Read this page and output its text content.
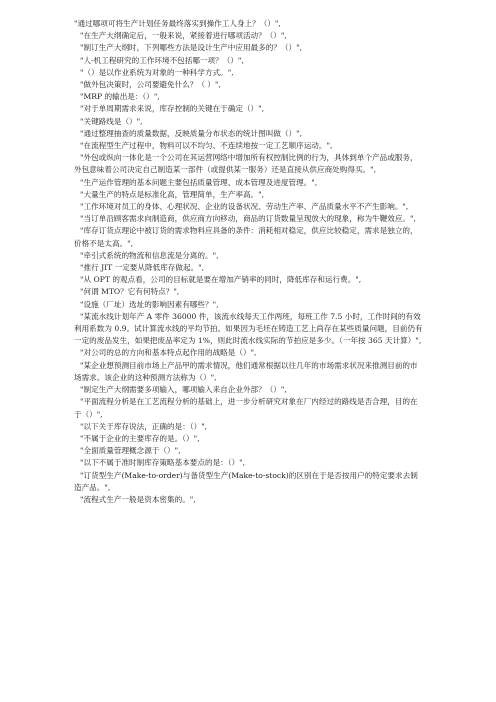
"通过哪项可将生产计划任务最终落实到操作工人身上？（）",

"在生产大纲确定后，一般来说，紧接着进行哪项活动？（）",

"制订生产大纲时，下列哪些方法是设计生产中应用最多的？（）",

"人-机工程研究的工作环境不包括哪一项？（）",

"（）是以作业系统为对象的一种科学方式。",

"做外包决策时，公司要避免什么？（ ）",

"MRP 的输出是：（）",

"对于单周期需求来说，库存控制的关键在于确定（）",

"关键路线是（）",

"通过整理抽查的质量数据，反映质量分布状态的统计图叫做（）",

"在流程型生产过程中，物料可以不均匀、不连续地按一定工艺顺序运动。",

"外包或纵向一体化是一个公司在其运营网络中增加所有权控制比例的行为，具体到单个产品或服务，外包意味着公司决定自己制造某一部件（或提供某一服务）还是直接从供应商处购得买。",

"生产运作管理的基本问题主要包括质量管理、成本管理及进度管理。",

"大量生产的特点是标准化高，管理简单，生产率高。",

"工作环境对员工的身体、心理状况、企业的设备状况、劳动生产率、产品质量水平不产生影响。",

"当订单沿顾客需求向制造商，供应商方向移动，商品的订货数量呈现放大的现象，称为牛鞭效应。",

"库存订货点理论中被订货的需求物料应具备的条件：消耗相对稳定，供应比较稳定，需求是独立的，价格不是太高。",

"牵引式系统的物流和信息流是分离的。",

"推行 JIT 一定要从降低库存做起。",

"从 OPT 的观点看，公司的目标就是要在增加产销率的同时，降低库存和运行费。",

"何谓 MTO？它有何特点？",

"设施（厂址）选址的影响因素有哪些？",

"某流水线计划年产 A 零件 36000 件，该流水线每天工作两班，每班工作 7.5 小时，工作时间的有效利用系数为 0.9。试计算流水线的平均节拍。如果因为毛坯在铸造工艺上尚存在某些质量问题，目前仍有一定的废品发生，如果把废品率定为 1%，则此时流水线实际的节拍应是多少。（一年按 365 天计算）",

"对公司的总的方向和基本特点起作用的战略是（）",

"某企业想预测目前市场上产品甲的需求情况，他们通常根据以往几年的市场需求状况来推测目前的市场需求。该企业的这种预测方法称为（）",

"制定生产大纲需要多项输入，哪项输入来自企业外部？（）",

"平面流程分析是在工艺流程分析的基础上，进一步分析研究对象在厂内经过的路线是否合理，目的在于（）",

"以下关于库存说法，正确的是：（）",

"不属于企业的主要库存的是。（）",

"全面质量管理概念源于（）",

"以下不属于准时制库存策略基本要点的是：（）",

"订货型生产(Make-to-order)与备货型生产(Make-to-stock)的区别在于是否按用户的特定要求去制造产品。",

"流程式生产一般是资本密集的。",
